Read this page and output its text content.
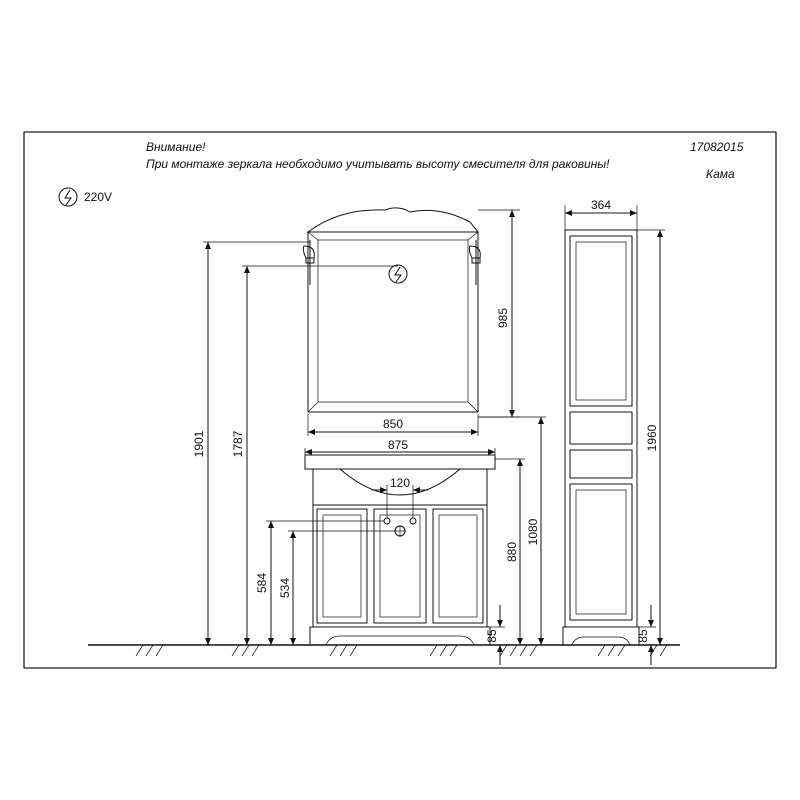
Внимание!
При монтаже зеркала необходимо учитывать высоту смесителя для раковины!
17082015
Кама
220V
985
850
875
120
1901 1787
584 534
880
1080
85
364
1960
85
